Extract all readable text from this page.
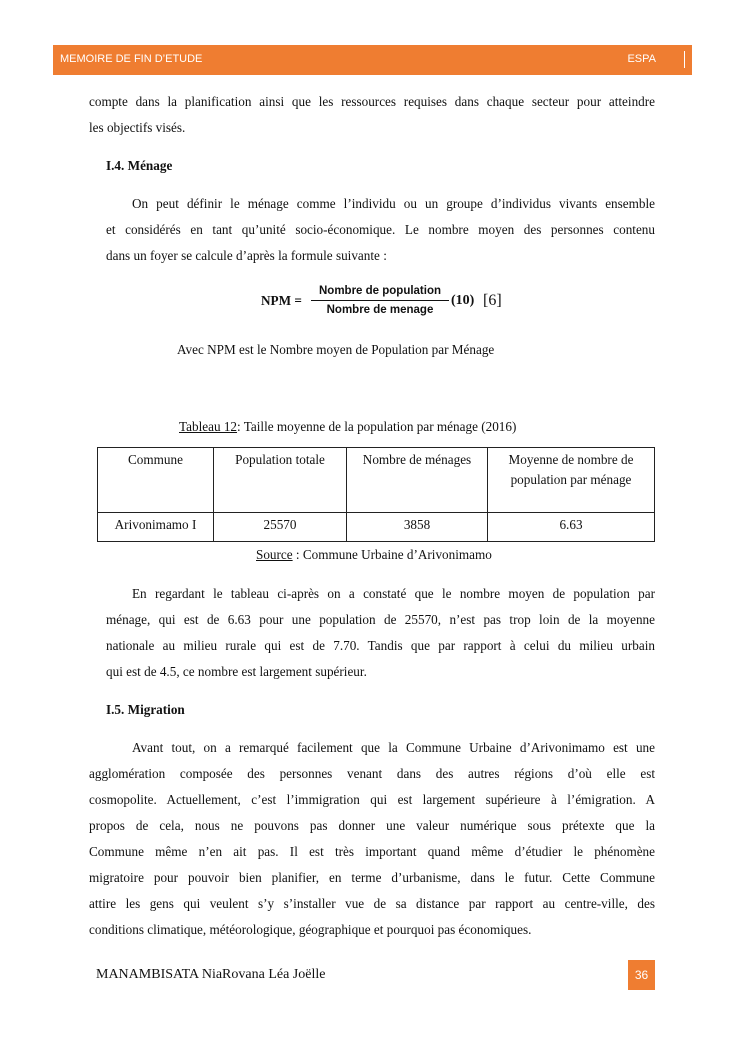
MEMOIRE DE FIN D’ETUDE	ESPA
compte dans la planification ainsi que les ressources requises dans chaque secteur pour atteindre
les objectifs visés.
I.4. Ménage
On peut définir le ménage comme l’individu ou un groupe d’individus vivants ensemble
et considérés en tant qu’unité socio-économique. Le nombre moyen des personnes contenu
dans un foyer se calcule d’après la formule suivante :
NPM =
Nombre de population
Nombre de menage
(10) [6]
Avec NPM est le Nombre moyen de Population par Ménage
Tableau 12: Taille moyenne de la population par ménage (2016)
Commune	Population totale	Nombre de ménages	Moyenne de nombre de population par ménage
Arivonimamo I	25570	3858	6.63
Source : Commune Urbaine d’Arivonimamo
En regardant le tableau ci-après on a constaté que le nombre moyen de population par
ménage, qui est de 6.63 pour une population de 25570, n’est pas trop loin de la moyenne
nationale au milieu rurale qui est de 7.70. Tandis que par rapport à celui du milieu urbain
qui est de 4.5, ce nombre est largement supérieur.
I.5. Migration
Avant tout, on a remarqué facilement que la Commune Urbaine d’Arivonimamo est une
agglomération composée des personnes venant dans des autres régions d’où elle est
cosmopolite. Actuellement, c’est l’immigration qui est largement supérieure à l’émigration. A
propos de cela, nous ne pouvons pas donner une valeur numérique sous prétexte que la
Commune même n’en ait pas. Il est très important quand même d’étudier le phénomène
migratoire pour pouvoir bien planifier, en terme d’urbanisme, dans le futur. Cette Commune
attire les gens qui veulent s’y s’installer vue de sa distance par rapport au centre-ville, des
conditions climatique, météorologique, géographique et pourquoi pas économiques.
MANAMBISATA NiaRovana Léa Joëlle	36
